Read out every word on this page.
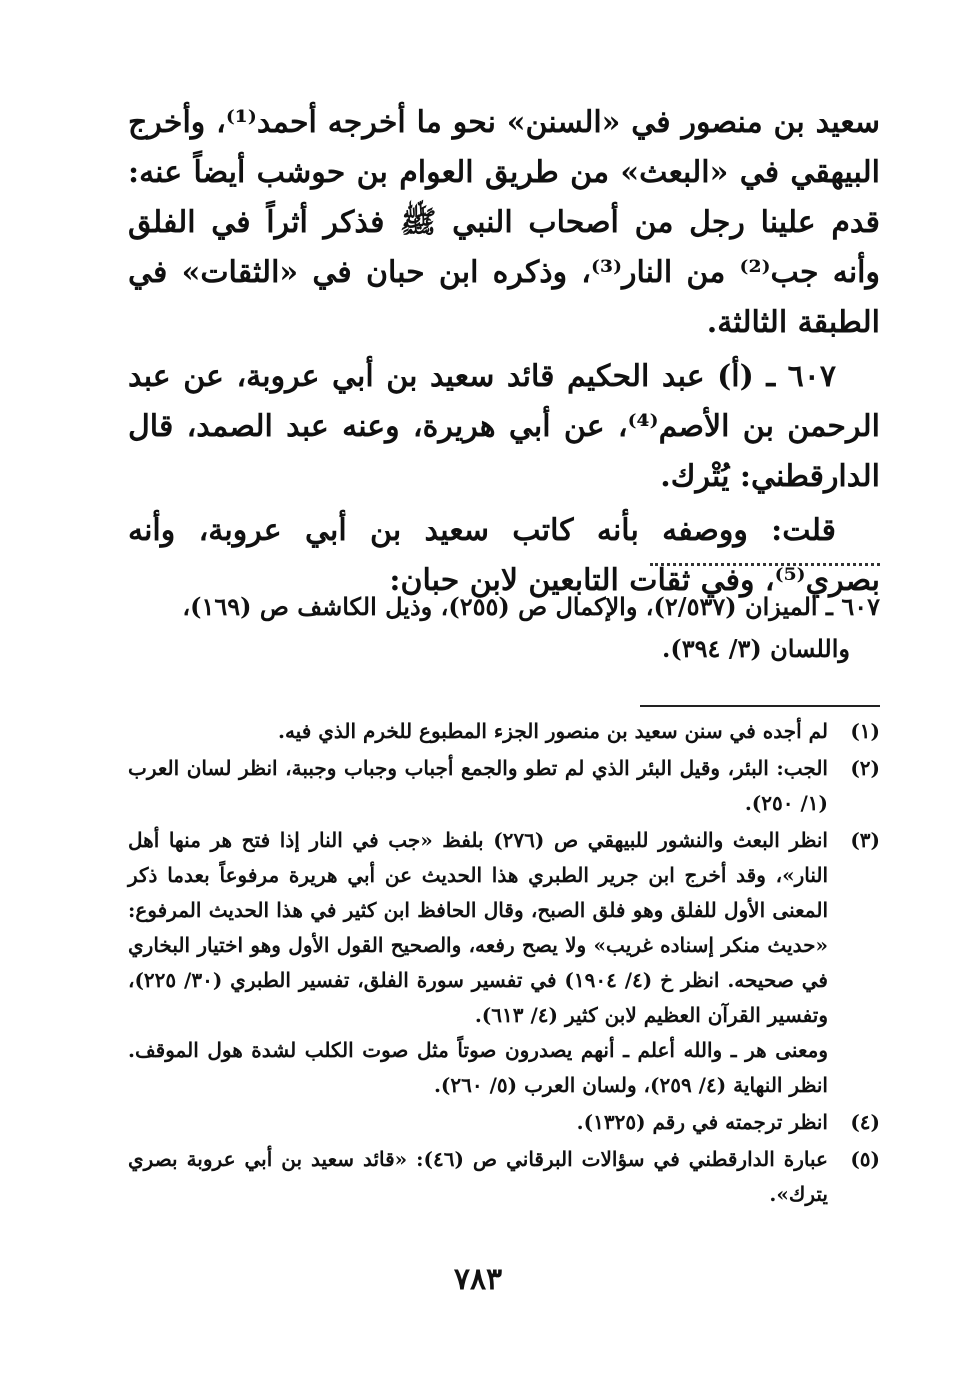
سعيد بن منصور في «السنن» نحو ما أخرجه أحمد⁽¹⁾، وأخرج البيهقي في «البعث» من طريق العوام بن حوشب أيضاً عنه: قدم علينا رجل من أصحاب النبي ﷺ فذكر أثراً في الفلق وأنه جب⁽²⁾ من النار⁽³⁾، وذكره ابن حبان في «الثقات» في الطبقة الثالثة.

٦٠٧ ـ (أ) عبد الحكيم قائد سعيد بن أبي عروبة، عن عبد الرحمن بن الأصم⁽⁴⁾، عن أبي هريرة، وعنه عبد الصمد، قال الدارقطني: يُتْرك.

قلت: ووصفه بأنه كاتب سعيد بن أبي عروبة، وأنه بصري⁽⁵⁾، وفي ثقات التابعين لابن حبان:

٦٠٧ ـ الميزان (٢/٥٣٧)، والإكمال ص (٢٥٥)، وذيل الكاشف ص (١٦٩)،
واللسان (٣/ ٣٩٤).
(١)

لم أجده في سنن سعيد بن منصور الجزء المطبوع للخرم الذي فيه.

(٢)

الجب: البئر، وقيل البئر الذي لم تطو والجمع أجباب وجباب وجببة، انظر لسان العرب (١/ ٢٥٠).

(٣)

انظر البعث والنشور للبيهقي ص (٢٧٦) بلفظ «جب في النار إذا فتح هر منها أهل النار»، وقد أخرج ابن جرير الطبري هذا الحديث عن أبي هريرة مرفوعاً بعدما ذكر المعنى الأول للفلق وهو فلق الصبح، وقال الحافظ ابن كثير في هذا الحديث المرفوع: «حديث منكر إسناده غريب» ولا يصح رفعه، والصحيح القول الأول وهو اختيار البخاري في صحيحه. انظر خ (٤/ ١٩٠٤) في تفسير سورة الفلق، تفسير الطبري (٣٠/ ٢٢٥)، وتفسير القرآن العظيم لابن كثير (٤/ ٦١٣).

ومعنى هر ـ والله أعلم ـ أنهم يصدرون صوتاً مثل صوت الكلب لشدة هول الموقف. انظر النهاية (٤/ ٢٥٩)، ولسان العرب (٥/ ٢٦٠).

(٤)

انظر ترجمته في رقم (١٣٢٥).

(٥)

عبارة الدارقطني في سؤالات البرقاني ص (٤٦): «قائد سعيد بن أبي عروبة بصري يترك».

٧٨٣
